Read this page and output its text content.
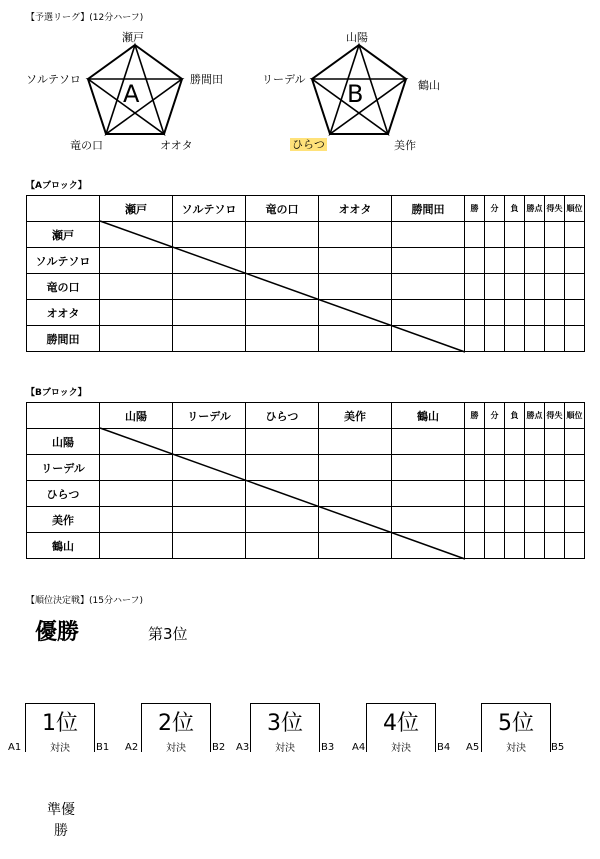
【予選リーグ】(12分ハーフ)
A	B
瀬戸
勝間田
オオタ
竜の口
ソルテソロ
山陽
鶴山
美作
ひらつ
リーデル
【Aブロック】
	瀬戸	ソルテソロ	竜の口	オオタ	勝間田	勝	分	負	勝点	得失	順位
瀬戸											
ソルテソロ											
竜の口											
オオタ											
勝間田											
【Bブロック】
	山陽	リーデル	ひらつ	美作	鶴山	勝	分	負	勝点	得失	順位
山陽											
リーデル											
ひらつ											
美作											
鶴山											
【順位決定戦】(15分ハーフ)
優勝	第3位
1位
対決
A1	B1
2位
対決
A2	B2
3位
対決
A3	B3
4位
対決
A4	B4
5位
対決
A5	B5
準優勝
